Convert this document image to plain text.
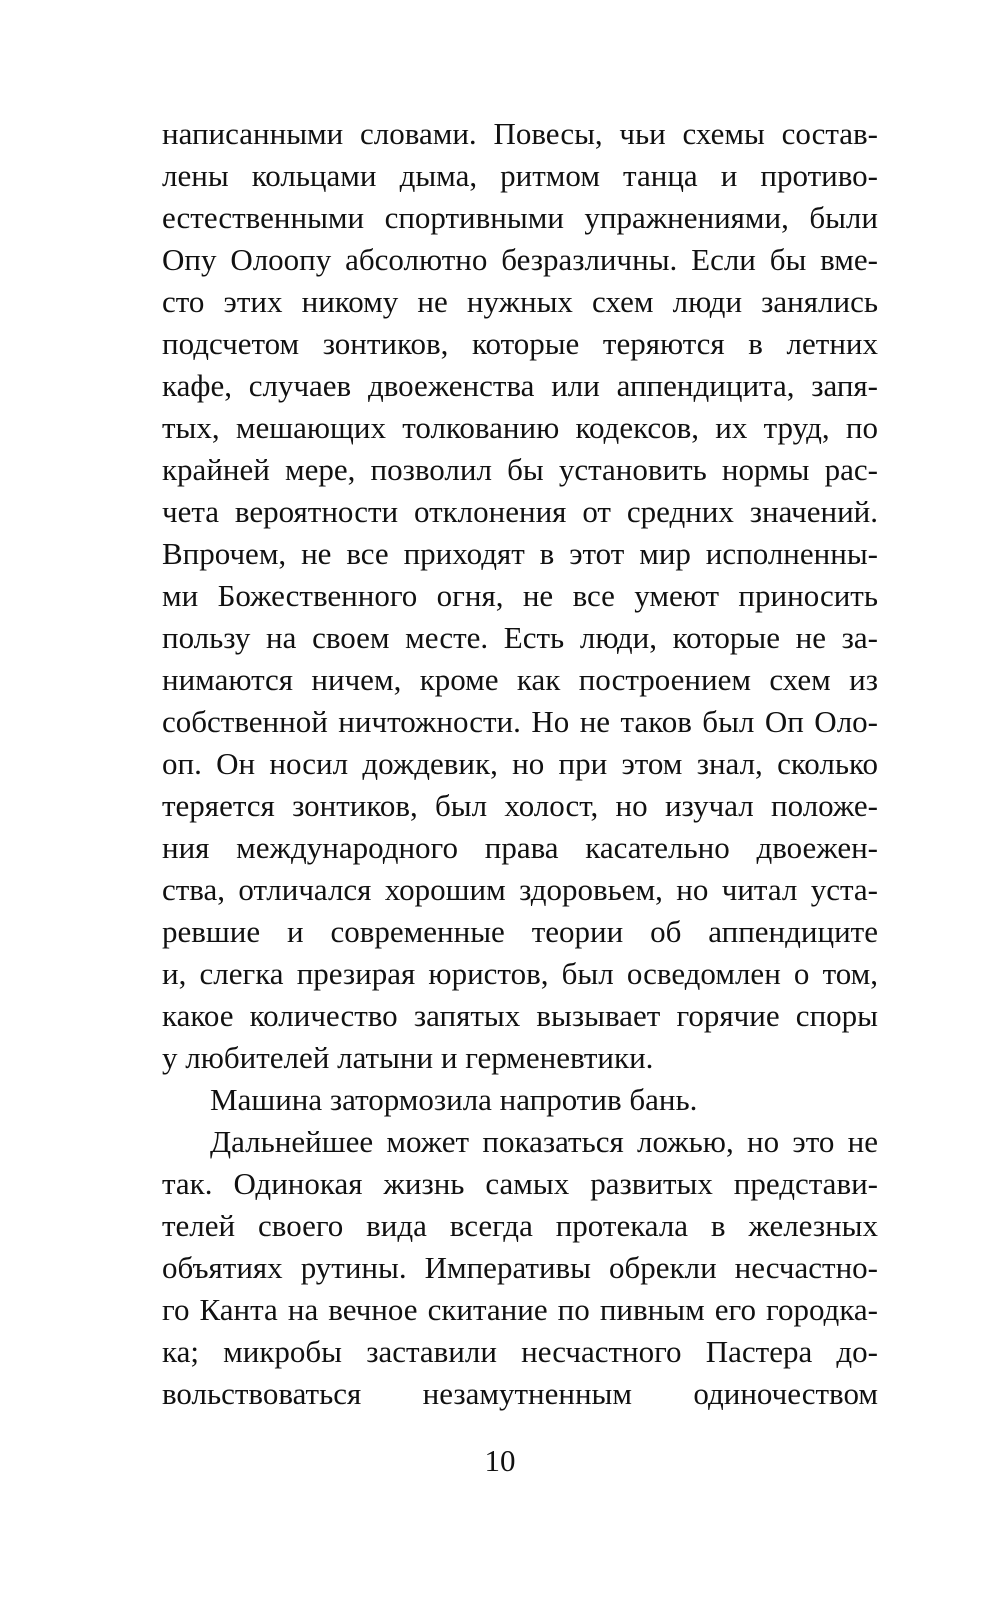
написанными словами. Повесы, чьи схемы состав-
лены кольцами дыма, ритмом танца и противо-
естественными спортивными упражнениями, были
Опу Олоопу абсолютно безразличны. Если бы вме-
сто этих никому не нужных схем люди занялись
подсчетом зонтиков, которые теряются в летних
кафе, случаев двоеженства или аппендицита, запя-
тых, мешающих толкованию кодексов, их труд, по
крайней мере, позволил бы установить нормы рас-
чета вероятности отклонения от средних значений.
Впрочем, не все приходят в этот мир исполненны-
ми Божественного огня, не все умеют приносить
пользу на своем месте. Есть люди, которые не за-
нимаются ничем, кроме как построением схем из
собственной ничтожности. Но не таков был Оп Оло-
оп. Он носил дождевик, но при этом знал, сколько
теряется зонтиков, был холост, но изучал положе-
ния международного права касательно двоежен-
ства, отличался хорошим здоровьем, но читал уста-
ревшие и современные теории об аппендиците
и, слегка презирая юристов, был осведомлен о том,
какое количество запятых вызывает горячие споры
у любителей латыни и герменевтики.
Машина затормозила напротив бань.
Дальнейшее может показаться ложью, но это не
так. Одинокая жизнь самых развитых представи-
телей своего вида всегда протекала в железных
объятиях рутины. Императивы обрекли несчастно-
го Канта на вечное скитание по пивным его городка-
ка; микробы заставили несчастного Пастера до-
вольствоваться незамутненным одиночеством
10
